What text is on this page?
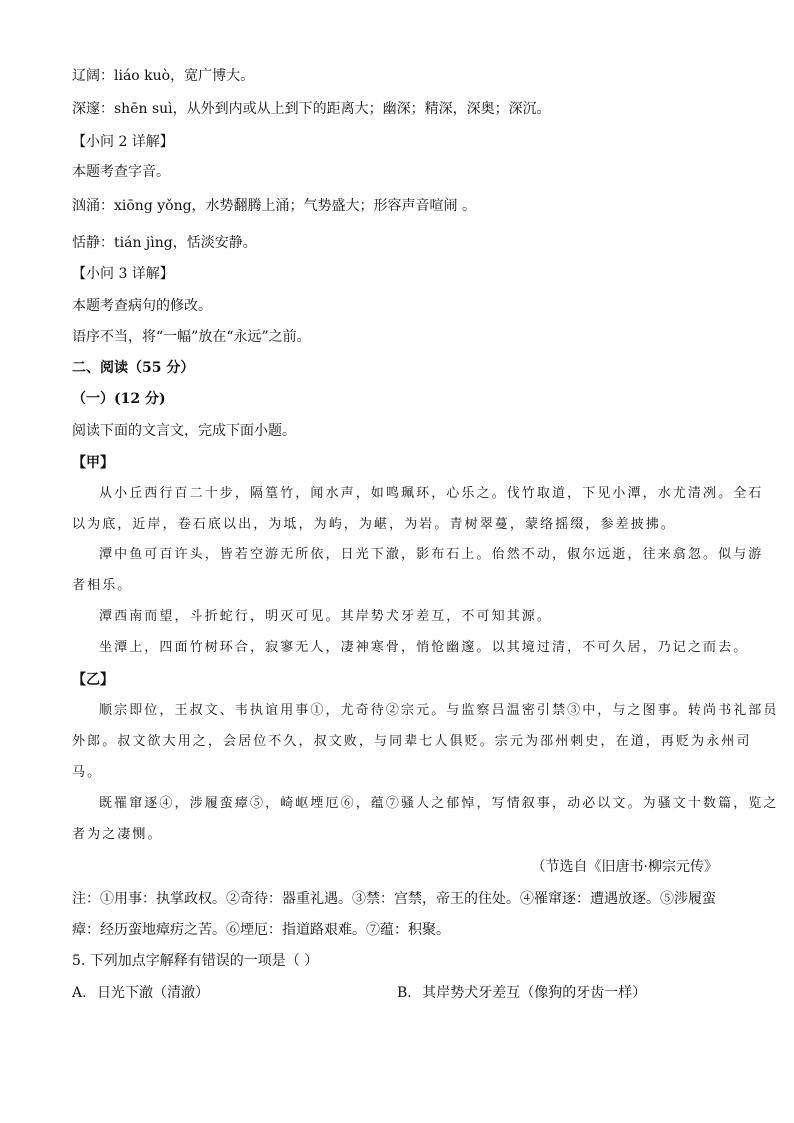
辽阔：liáo kuò，宽广博大。
深邃：shēn suì，从外到内或从上到下的距离大；幽深；精深，深奥；深沉。
【小问 2 详解】
本题考查字音。
汹涌：xiōng yǒng，水势翻腾上涌；气势盛大；形容声音喧闹 。
恬静：tián jìng，恬淡安静。
【小问 3 详解】
本题考查病句的修改。
语序不当，将“一幅”放在“永远”之前。
二、阅读（55 分）
（一）(12 分)
阅读下面的文言文，完成下面小题。
【甲】
从小丘西行百二十步，隔篁竹，闻水声，如鸣珮环，心乐之。伐竹取道，下见小潭，水尤清冽。全石
以为底，近岸，卷石底以出，为坻，为屿，为嵁，为岩。青树翠蔓，蒙络摇缀，参差披拂。
潭中鱼可百许头，皆若空游无所依，日光下澈，影布石上。佁然不动，俶尔远逝，往来翕忽。似与游
者相乐。
潭西南而望，斗折蛇行，明灭可见。其岸势犬牙差互，不可知其源。
坐潭上，四面竹树环合，寂寥无人，凄神寒骨，悄怆幽邃。以其境过清，不可久居，乃记之而去。
【乙】
顺宗即位，王叔文、韦执谊用事①，尤奇待②宗元。与监察吕温密引禁③中，与之图事。转尚书礼部员
外郎。叔文欲大用之，会居位不久，叔文败，与同辈七人俱贬。宗元为邵州刺史，在道，再贬为永州司
马。
既罹窜逐④，涉履蛮瘴⑤，崎岖堙厄⑥，蕴⑦骚人之郁悼，写情叙事，动必以文。为骚文十数篇，览之
者为之凄恻。
（节选自《旧唐书·柳宗元传》
注：①用事：执掌政权。②奇待：器重礼遇。③禁：宫禁，帝王的住处。④罹窜逐：遭遇放逐。⑤涉履蛮
瘴：经历蛮地瘴疠之苦。⑥堙厄：指道路艰难。⑦蕴：积聚。
5. 下列加点字解释有错误的一项是（ ）
A. 日光下澈（清澈）	B. 其岸势犬牙差互（像狗的牙齿一样）
